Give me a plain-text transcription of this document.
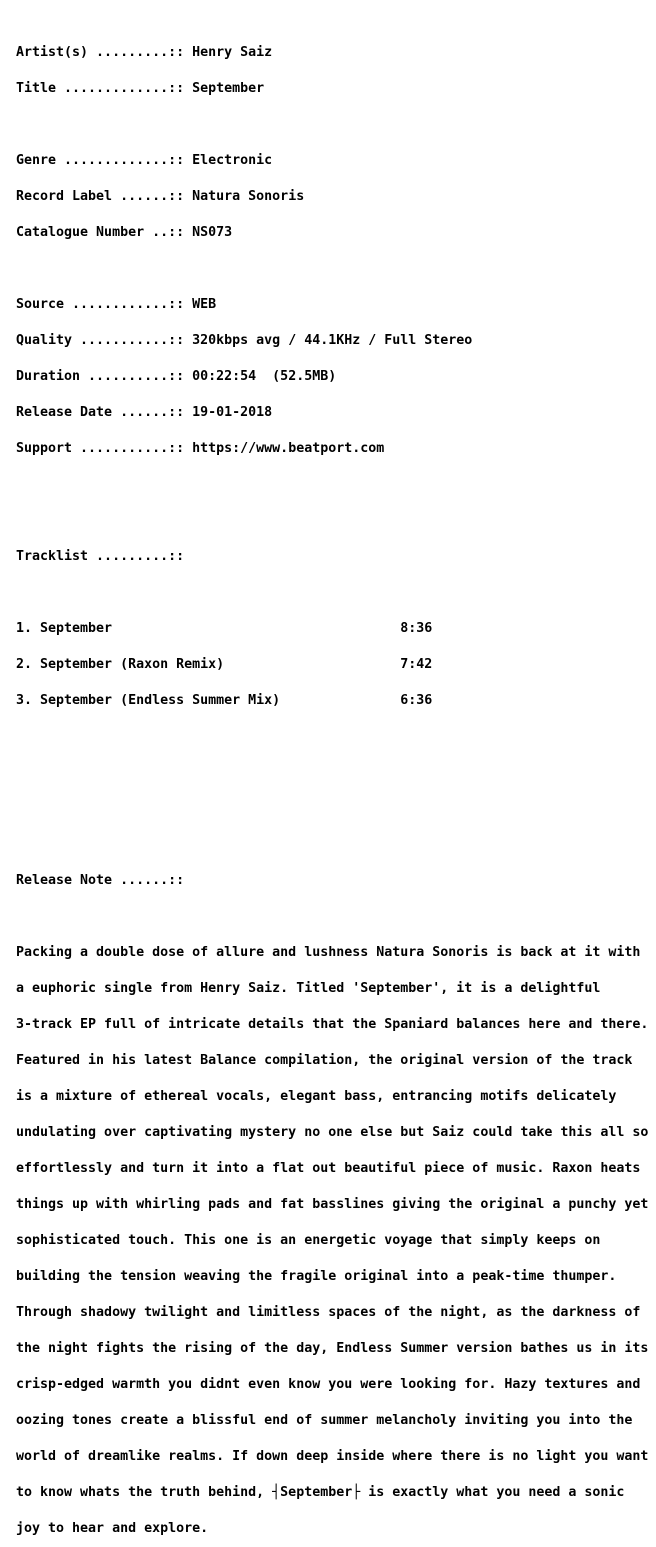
Artist(s) .........:: Henry Saiz

Title .............:: September

Genre .............:: Electronic

Record Label ......:: Natura Sonoris

Catalogue Number ..:: NS073

Source ............:: WEB

Quality ...........:: 320kbps avg / 44.1KHz / Full Stereo

Duration ..........:: 00:22:54  (52.5MB)

Release Date ......:: 19-01-2018

Support ...........:: https://www.beatport.com

Tracklist .........::

1. September                                    8:36

2. September (Raxon Remix)                      7:42

3. September (Endless Summer Mix)               6:36

Release Note ......::

Packing a double dose of allure and lushness Natura Sonoris is back at it with

a euphoric single from Henry Saiz. Titled 'September', it is a delightful

3-track EP full of intricate details that the Spaniard balances here and there.

Featured in his latest Balance compilation, the original version of the track

is a mixture of ethereal vocals, elegant bass, entrancing motifs delicately

undulating over captivating mystery no one else but Saiz could take this all so

effortlessly and turn it into a flat out beautiful piece of music. Raxon heats

things up with whirling pads and fat basslines giving the original a punchy yet

sophisticated touch. This one is an energetic voyage that simply keeps on

building the tension weaving the fragile original into a peak-time thumper.

Through shadowy twilight and limitless spaces of the night, as the darkness of

the night fights the rising of the day, Endless Summer version bathes us in its

crisp-edged warmth you didnt even know you were looking for. Hazy textures and

oozing tones create a blissful end of summer melancholy inviting you into the

world of dreamlike realms. If down deep inside where there is no light you want

to know whats the truth behind, ┤September├ is exactly what you need a sonic

joy to hear and explore.
